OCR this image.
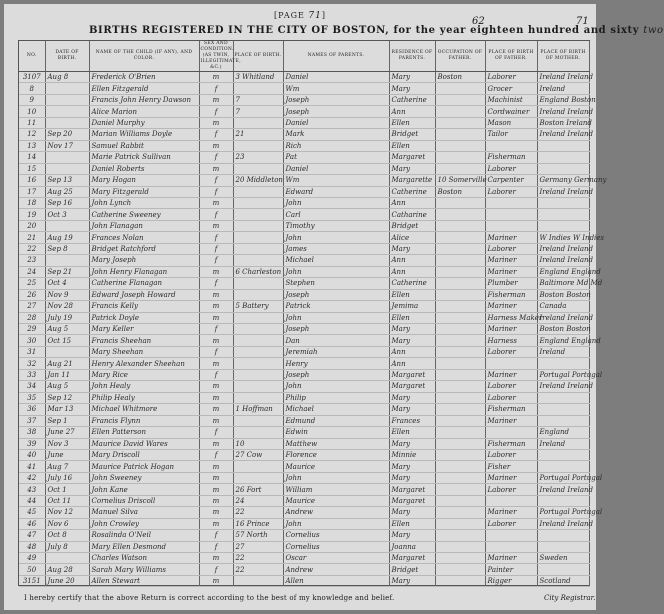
[PAGE 71]
62	71
BIRTHS REGISTERED IN THE CITY OF BOSTON, for the year eighteen hundred and sixty two
NO.	DATE OF BIRTH.	NAME OF THE CHILD (IF ANY), AND COLOR.	SEX AND CONDITION. (AS TWIN, ILLEGITIMATE, &C.)	PLACE OF BIRTH.	NAMES OF PARENTS.	RESIDENCE OF PARENTS.	OCCUPATION OF FATHER.	PLACE OF BIRTH OF FATHER.	PLACE OF BIRTH OF MOTHER.
3107	Aug 8	Frederick O'Brien	m	3 Whitland	Daniel	Mary	Boston	Laborer	Ireland Ireland
8		Ellen Fitzgerald	f		Wm	Mary		Grocer	Ireland
9		Francis John Henry Dawson	m	7	Joseph	Catherine		Machinist	England Boston
10		Alice Marion	f	7	Joseph	Ann		Cordwainer	Ireland Ireland
11		Daniel Murphy	m		Daniel	Ellen		Mason	Boston Ireland
12	Sep 20	Marian Williams Doyle	f	21	Mark	Bridget		Tailor	Ireland Ireland
13	Nov 17	Samuel Rabbit	m		Rich	Ellen			
14		Marie Patrick Sullivan	f	23	Pat	Margaret		Fisherman	
15		Daniel Roberts	m		Daniel	Mary		Laborer	
16	Sep 13	Mary Hogan	f	20 Middleton	Wm	Margarette	10 Somerville	Carpenter	Germany Germany
17	Aug 25	Mary Fitzgerald	f		Edward	Catherine	Boston	Laborer	Ireland Ireland
18	Sep 16	John Lynch	m		John	Ann			
19	Oct 3	Catherine Sweeney	f		Carl	Catharine			
20		John Flanagan	m		Timothy	Bridget			
21	Aug 19	Frances Nolan	f		John	Alice		Mariner	W Indies W Indies
22	Sep 8	Bridget Ratchford	f		James	Mary		Laborer	Ireland Ireland
23		Mary Joseph	f		Michael	Ann		Mariner	Ireland Ireland
24	Sep 21	John Henry Flanagan	m	6 Charleston	John	Ann		Mariner	England England
25	Oct 4	Catherine Flanagan	f		Stephen	Catherine		Plumber	Baltimore Md Md
26	Nov 9	Edward Joseph Howard	m		Joseph	Ellen		Fisherman	Boston Boston
27	Nov 28	Francis Kelly	m	5 Battery	Patrick	Jemima		Mariner	Canada
28	July 19	Patrick Doyle	m		John	Ellen		Harness Maker	Ireland Ireland
29	Aug 5	Mary Keller	f		Joseph	Mary		Mariner	Boston Boston
30	Oct 15	Francis Sheehan	m		Dan	Mary		Harness	England England
31		Mary Sheehan	f		Jeremiah	Ann		Laborer	Ireland
32	Aug 21	Henry Alexander Sheehan	m		Henry	Ann			
33	Jan 11	Mary Rice	f		Joseph	Margaret		Mariner	Portugal Portugal
34	Aug 5	John Healy	m		John	Margaret		Laborer	Ireland Ireland
35	Sep 12	Philip Healy	m		Philip	Mary		Laborer	
36	Mar 13	Michael Whitmore	m	1 Hoffman	Michael	Mary		Fisherman	
37	Sep 1	Francis Flynn	m		Edmund	Frances		Mariner	
38	June 27	Ellen Patterson	f		Edwin	Ellen			England
39	Nov 3	Maurice David Wares	m	10	Matthew	Mary		Fisherman	Ireland
40	June	Mary Driscoll	f	27 Cow	Florence	Minnie		Laborer	
41	Aug 7	Maurice Patrick Hogan	m		Maurice	Mary		Fisher	
42	July 16	John Sweeney	m		John	Mary		Mariner	Portugal Portugal
43	Oct 1	John Kane	m	26 Fort	William	Margaret		Laborer	Ireland Ireland
44	Oct 11	Cornelius Driscoll	m	24	Maurice	Margaret			
45	Nov 12	Manuel Silva	m	22	Andrew	Mary		Mariner	Portugal Portugal
46	Nov 6	John Crowley	m	16 Prince	John	Ellen		Laborer	Ireland Ireland
47	Oct 8	Rosalinda O'Neil	f	57 North	Cornelius	Mary			
48	July 8	Mary Ellen Desmond	f	27	Cornelius	Joanna			
49		Charles Watson	m	22	Oscar	Margaret		Mariner	Sweden
50	Aug 28	Sarah Mary Williams	f	22	Andrew	Bridget		Painter	
3151	June 20	Allen Stewart	m		Allen	Mary		Rigger	Scotland
I hereby certify that the above Return is correct according to the best of my knowledge and belief.	City Registrar.
